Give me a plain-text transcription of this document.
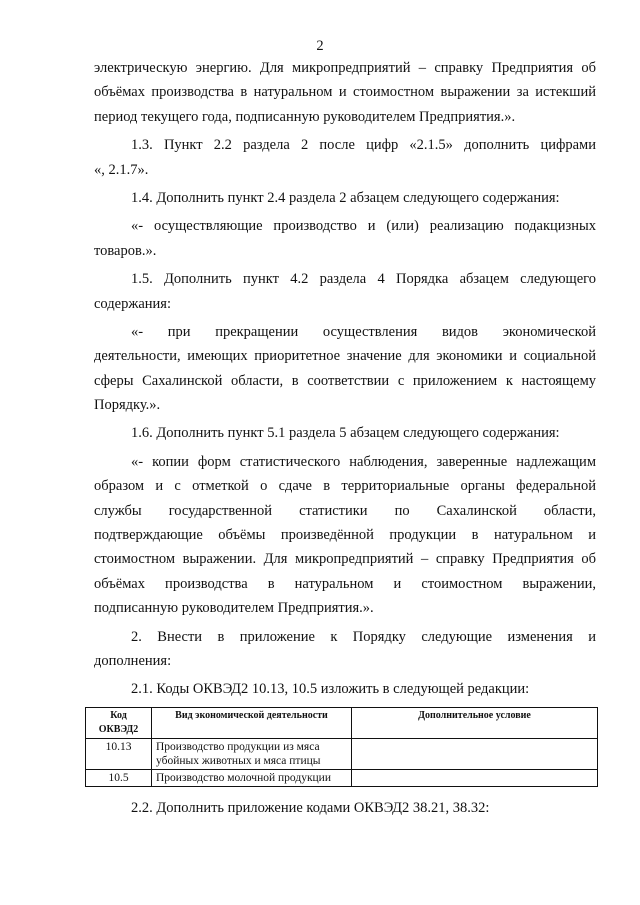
2
электрическую энергию. Для микропредприятий – справку Предприятия об
объёмах производства в натуральном и стоимостном выражении за истекший
период текущего года, подписанную руководителем Предприятия.».
1.3. Пункт 2.2 раздела 2 после цифр «2.1.5» дополнить цифрами
«, 2.1.7».
1.4. Дополнить пункт 2.4 раздела 2 абзацем следующего содержания:
«- осуществляющие производство и (или) реализацию подакцизных
товаров.».
1.5. Дополнить пункт 4.2 раздела 4 Порядка абзацем следующего
содержания:
«- при прекращении осуществления видов экономической
деятельности, имеющих приоритетное значение для экономики и социальной
сферы Сахалинской области, в соответствии с приложением к настоящему
Порядку.».
1.6. Дополнить пункт 5.1 раздела 5 абзацем следующего содержания:
«- копии форм статистического наблюдения, заверенные надлежащим
образом и с отметкой о сдаче в территориальные органы федеральной
службы государственной статистики по Сахалинской области,
подтверждающие объёмы произведённой продукции в натуральном и
стоимостном выражении. Для микропредприятий – справку Предприятия об
объёмах производства в натуральном и стоимостном выражении,
подписанную руководителем Предприятия.».
2. Внести в приложение к Порядку следующие изменения и
дополнения:
2.1. Коды ОКВЭД2 10.13, 10.5 изложить в следующей редакции:
Код ОКВЭД2	Вид экономической деятельности	Дополнительное условие
10.13	Производство продукции из мяса убойных животных и мяса птицы	
10.5	Производство молочной продукции	
2.2. Дополнить приложение кодами ОКВЭД2 38.21, 38.32:
